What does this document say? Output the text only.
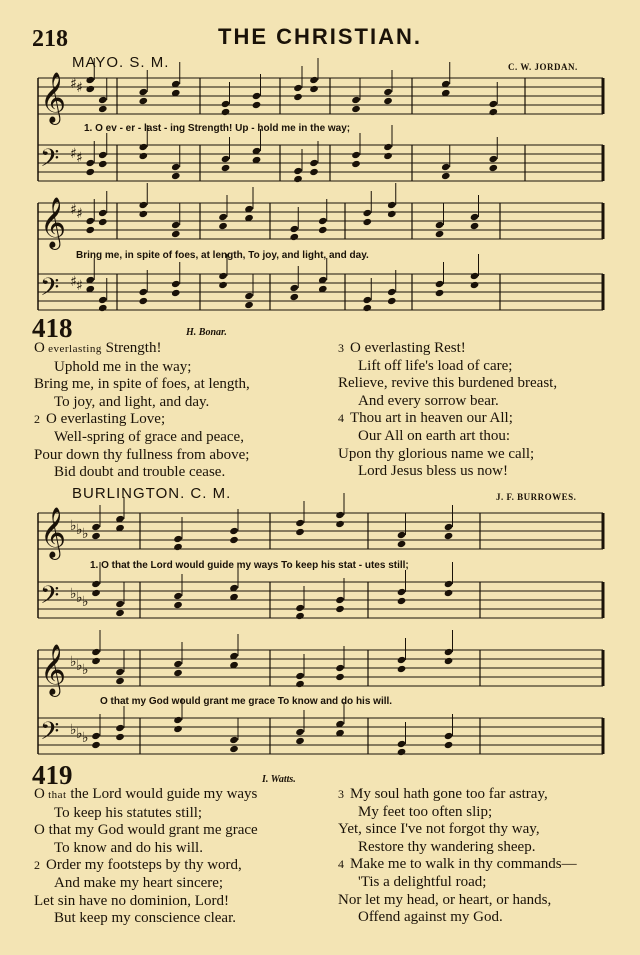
218	THE CHRISTIAN.
𝄞
𝄢
𝄞
𝄢
𝄞
𝄢
𝄞
𝄢
♯ ♯
♯ ♯
♯ ♯
♯ ♯
♭ ♭ ♭
♭ ♭ ♭
♭ ♭ ♭
♭ ♭ ♭
MAYO. S. M.	C. W. JORDAN.
1. O ev - er - last - ing Strength! Up - hold me in the way;
Bring me, in spite of foes, at length, To joy, and light, and day.
418	H. Bonar.
O everlasting Strength!
Uphold me in the way;
Bring me, in spite of foes, at length,
To joy, and light, and day.
2 O everlasting Love;
Well-spring of grace and peace,
Pour down thy fullness from above;
Bid doubt and trouble cease.
3 O everlasting Rest!
Lift off life's load of care;
Relieve, revive this burdened breast,
And every sorrow bear.
4 Thou art in heaven our All;
Our All on earth art thou:
Upon thy glorious name we call;
Lord Jesus bless us now!
BURLINGTON. C. M.	J. F. BURROWES.
1. O that the Lord would guide my ways To keep his stat - utes still;
O that my God would grant me grace To know and do his will.
419	I. Watts.
O that the Lord would guide my ways
To keep his statutes still;
O that my God would grant me grace
To know and do his will.
2 Order my footsteps by thy word,
And make my heart sincere;
Let sin have no dominion, Lord!
But keep my conscience clear.
3 My soul hath gone too far astray,
My feet too often slip;
Yet, since I've not forgot thy way,
Restore thy wandering sheep.
4 Make me to walk in thy commands—
'Tis a delightful road;
Nor let my head, or heart, or hands,
Offend against my God.
